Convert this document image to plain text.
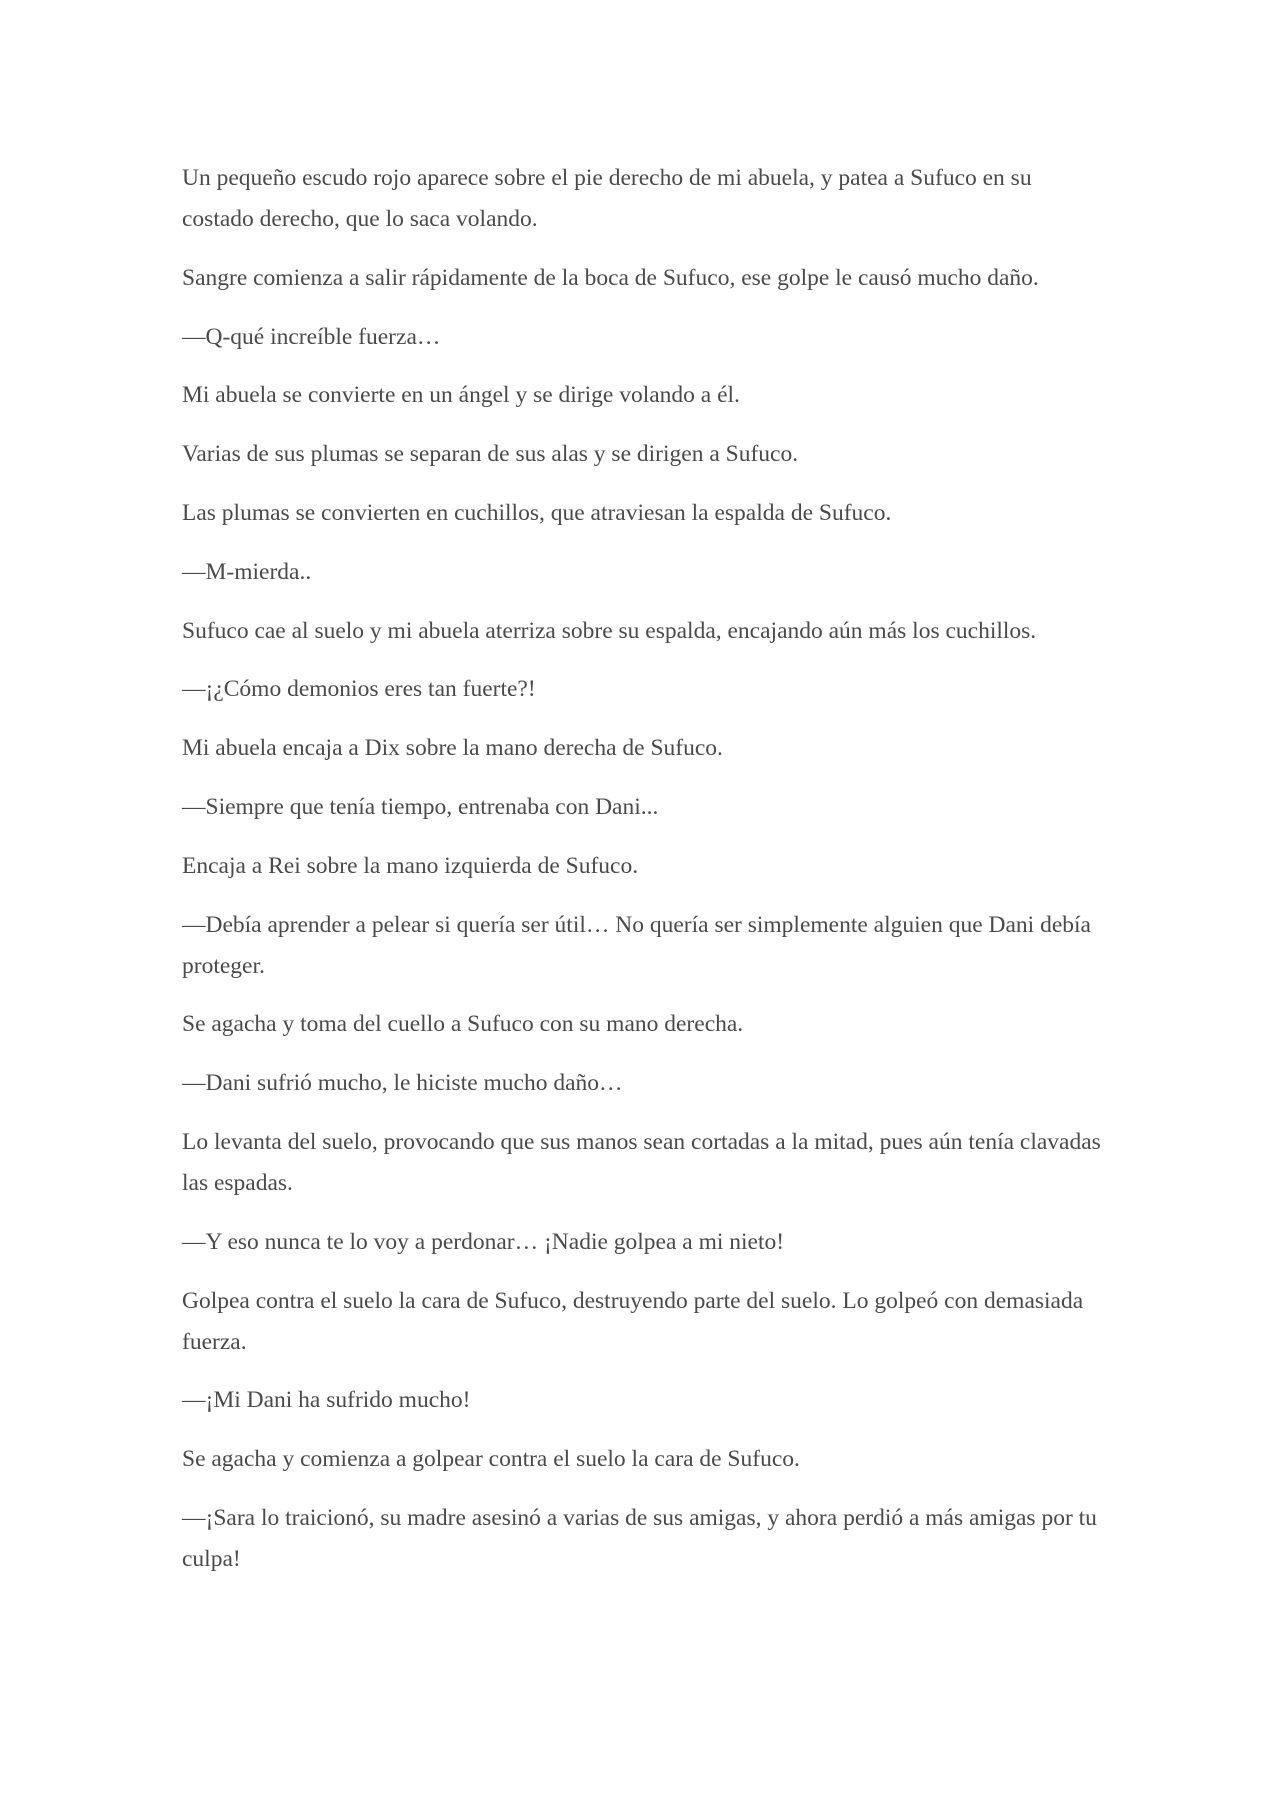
Un pequeño escudo rojo aparece sobre el pie derecho de mi abuela, y patea a Sufuco en su costado derecho, que lo saca volando.

Sangre comienza a salir rápidamente de la boca de Sufuco, ese golpe le causó mucho daño.

—Q-qué increíble fuerza…

Mi abuela se convierte en un ángel y se dirige volando a él.

Varias de sus plumas se separan de sus alas y se dirigen a Sufuco.

Las plumas se convierten en cuchillos, que atraviesan la espalda de Sufuco.

—M-mierda..

Sufuco cae al suelo y mi abuela aterriza sobre su espalda, encajando aún más los cuchillos.

—¡¿Cómo demonios eres tan fuerte?!

Mi abuela encaja a Dix sobre la mano derecha de Sufuco.

—Siempre que tenía tiempo, entrenaba con Dani...

Encaja a Rei sobre la mano izquierda de Sufuco.

—Debía aprender a pelear si quería ser útil… No quería ser simplemente alguien que Dani debía proteger.

Se agacha y toma del cuello a Sufuco con su mano derecha.

—Dani sufrió mucho, le hiciste mucho daño…

Lo levanta del suelo, provocando que sus manos sean cortadas a la mitad, pues aún tenía clavadas las espadas.

—Y eso nunca te lo voy a perdonar… ¡Nadie golpea a mi nieto!

Golpea contra el suelo la cara de Sufuco, destruyendo parte del suelo. Lo golpeó con demasiada fuerza.

—¡Mi Dani ha sufrido mucho!

Se agacha y comienza a golpear contra el suelo la cara de Sufuco.

—¡Sara lo traicionó, su madre asesinó a varias de sus amigas, y ahora perdió a más amigas por tu culpa!
